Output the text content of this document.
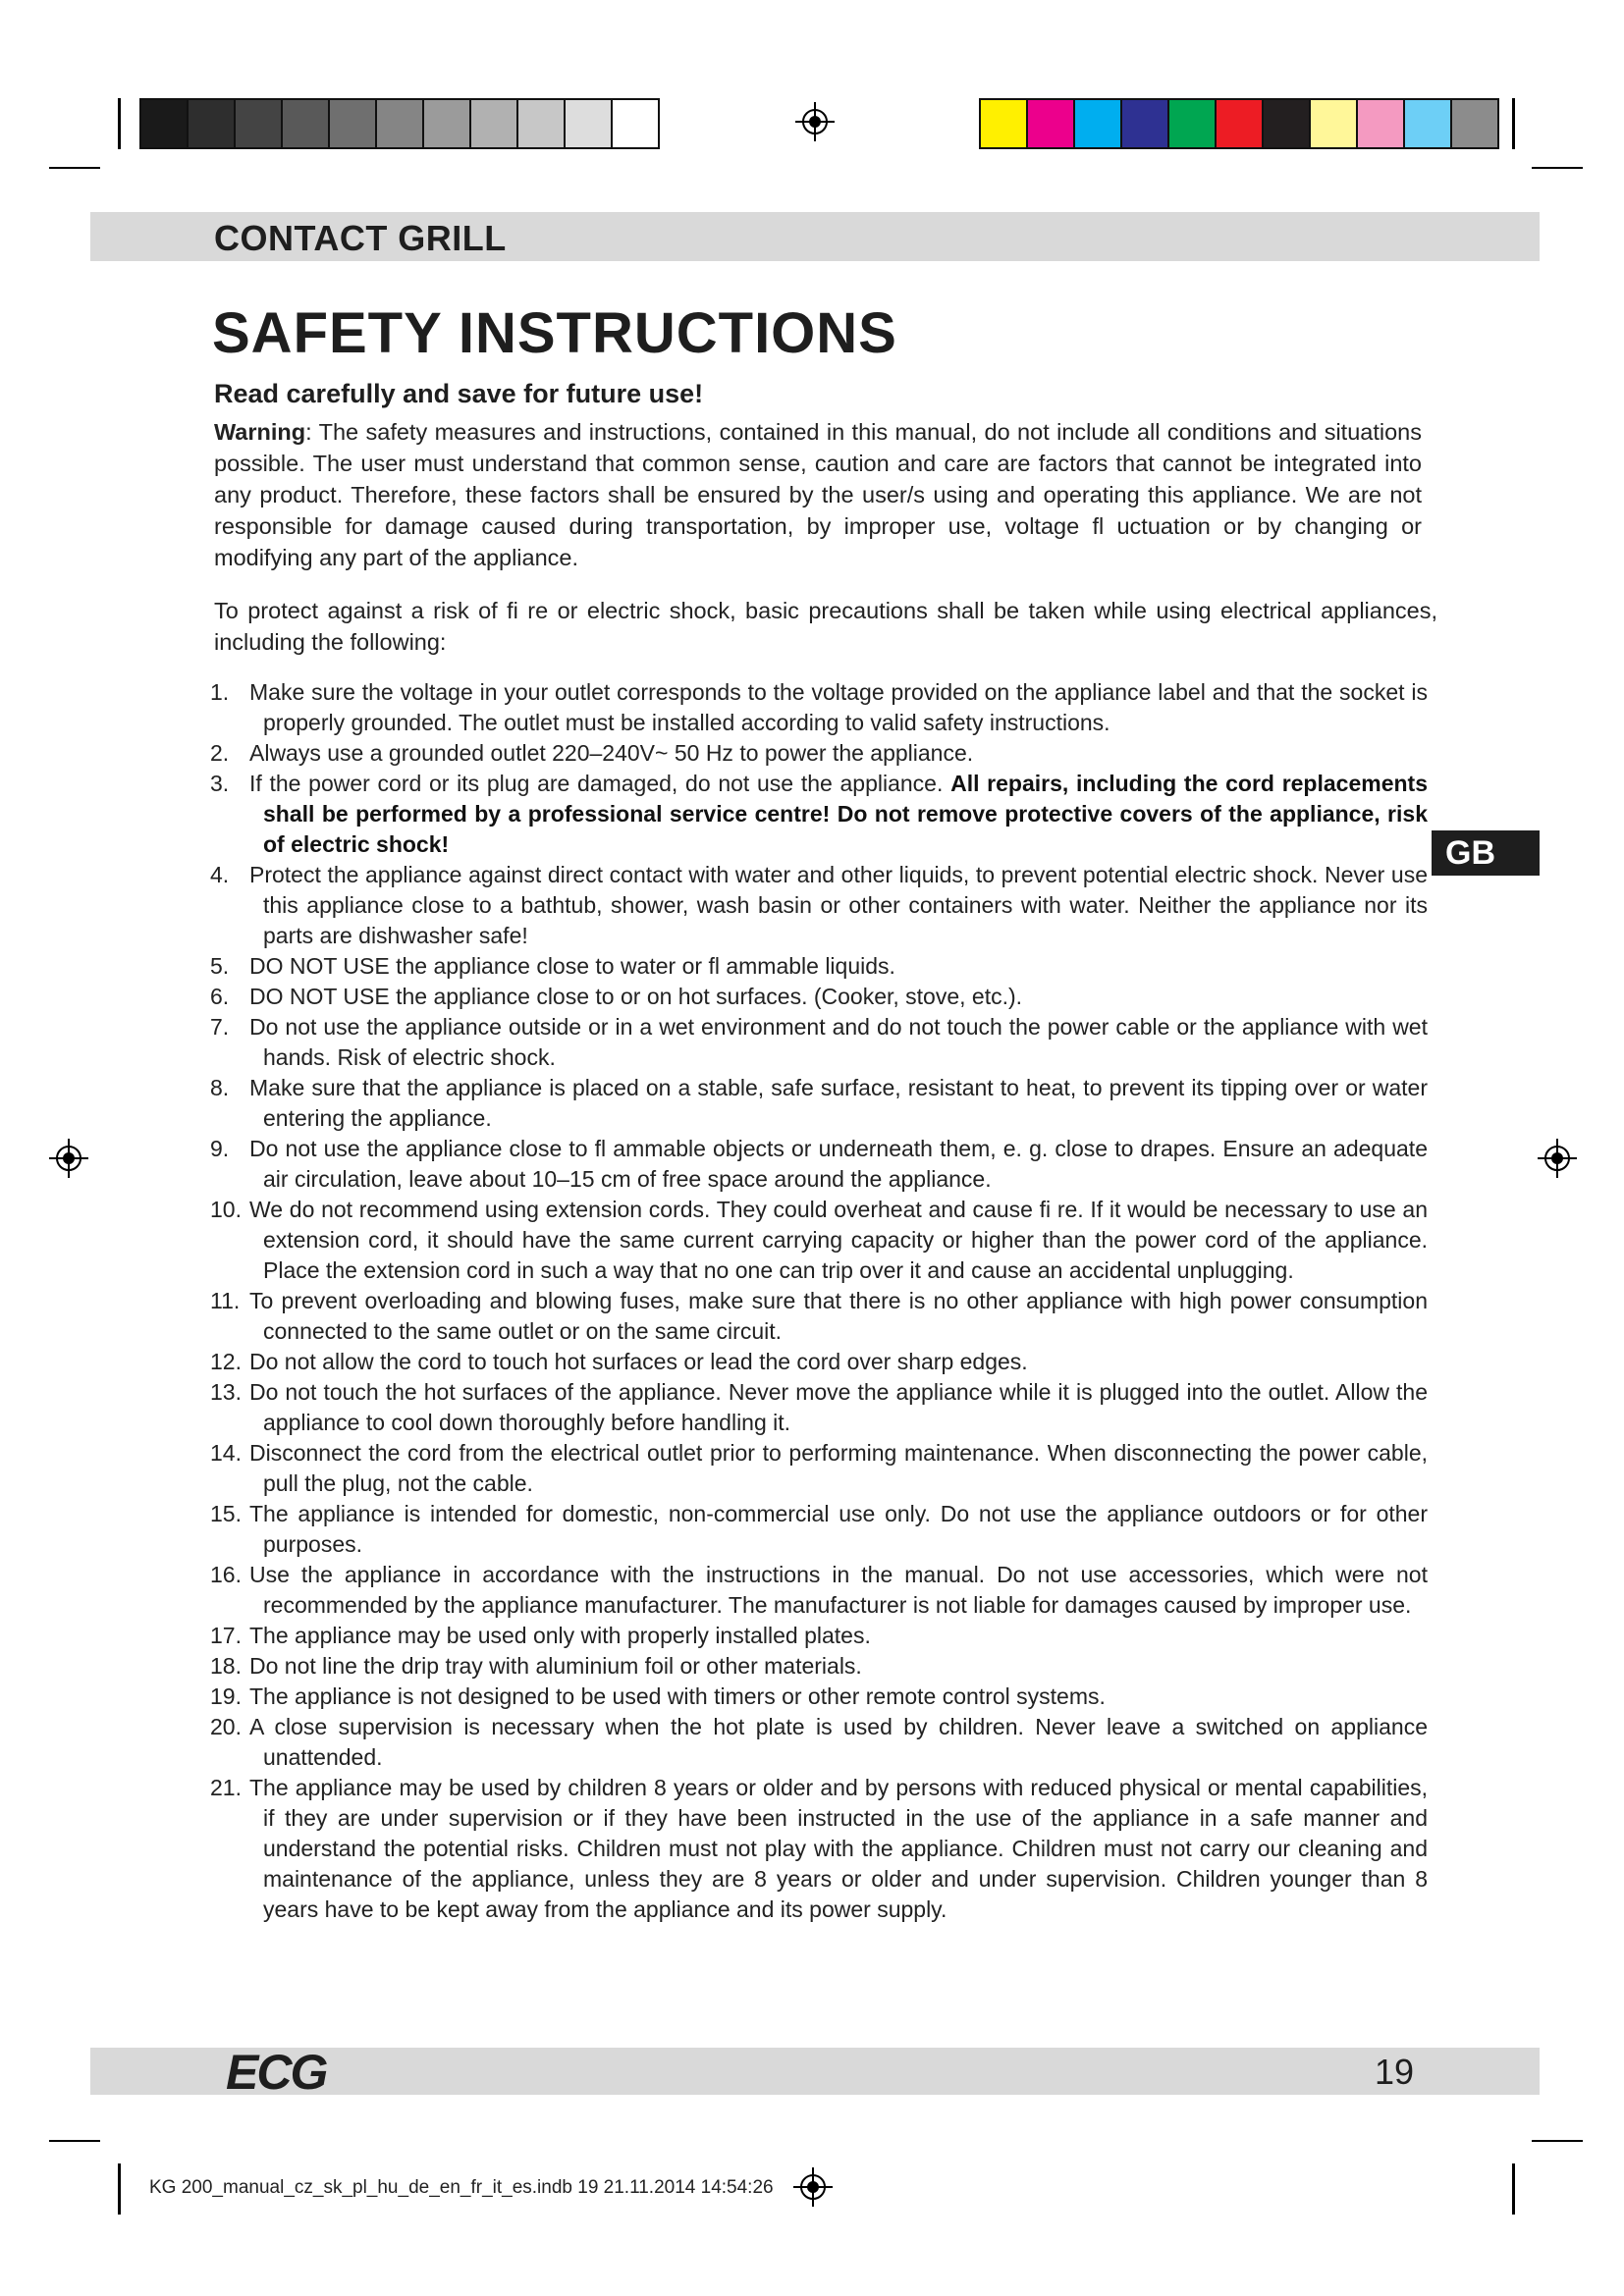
CONTACT GRILL
SAFETY INSTRUCTIONS
Read carefully and save for future use!
Warning: The safety measures and instructions, contained in this manual, do not include all conditions and situations possible. The user must understand that common sense, caution and care are factors that cannot be integrated into any product. Therefore, these factors shall be ensured by the user/s using and operating this appliance. We are not responsible for damage caused during transportation, by improper use, voltage fl uctuation or by changing or modifying any part of the appliance.
To protect against a risk of fi re or electric shock, basic precautions shall be taken while using electrical appliances, including the following:
1. Make sure the voltage in your outlet corresponds to the voltage provided on the appliance label and that the socket is properly grounded. The outlet must be installed according to valid safety instructions.
2. Always use a grounded outlet 220–240V~ 50 Hz to power the appliance.
3. If the power cord or its plug are damaged, do not use the appliance. All repairs, including the cord replacements shall be performed by a professional service centre! Do not remove protective covers of the appliance, risk of electric shock!
4. Protect the appliance against direct contact with water and other liquids, to prevent potential electric shock. Never use this appliance close to a bathtub, shower, wash basin or other containers with water. Neither the appliance nor its parts are dishwasher safe!
5. DO NOT USE the appliance close to water or fl ammable liquids.
6. DO NOT USE the appliance close to or on hot surfaces. (Cooker, stove, etc.).
7. Do not use the appliance outside or in a wet environment and do not touch the power cable or the appliance with wet hands. Risk of electric shock.
8. Make sure that the appliance is placed on a stable, safe surface, resistant to heat, to prevent its tipping over or water entering the appliance.
9. Do not use the appliance close to fl ammable objects or underneath them, e. g. close to drapes. Ensure an adequate air circulation, leave about 10–15 cm of free space around the appliance.
10. We do not recommend using extension cords. They could overheat and cause fi re. If it would be necessary to use an extension cord, it should have the same current carrying capacity or higher than the power cord of the appliance. Place the extension cord in such a way that no one can trip over it and cause an accidental unplugging.
11. To prevent overloading and blowing fuses, make sure that there is no other appliance with high power consumption connected to the same outlet or on the same circuit.
12. Do not allow the cord to touch hot surfaces or lead the cord over sharp edges.
13. Do not touch the hot surfaces of the appliance. Never move the appliance while it is plugged into the outlet. Allow the appliance to cool down thoroughly before handling it.
14. Disconnect the cord from the electrical outlet prior to performing maintenance. When disconnecting the power cable, pull the plug, not the cable.
15. The appliance is intended for domestic, non-commercial use only. Do not use the appliance outdoors or for other purposes.
16. Use the appliance in accordance with the instructions in the manual. Do not use accessories, which were not recommended by the appliance manufacturer. The manufacturer is not liable for damages caused by improper use.
17. The appliance may be used only with properly installed plates.
18. Do not line the drip tray with aluminium foil or other materials.
19. The appliance is not designed to be used with timers or other remote control systems.
20. A close supervision is necessary when the hot plate is used by children. Never leave a switched on appliance unattended.
21. The appliance may be used by children 8 years or older and by persons with reduced physical or mental capabilities, if they are under supervision or if they have been instructed in the use of the appliance in a safe manner and understand the potential risks. Children must not play with the appliance. Children must not carry our cleaning and maintenance of the appliance, unless they are 8 years or older and under supervision. Children younger than 8 years have to be kept away from the appliance and its power supply.
GB
ECG	19
KG 200_manual_cz_sk_pl_hu_de_en_fr_it_es.indb 19 21.11.2014 14:54:26
